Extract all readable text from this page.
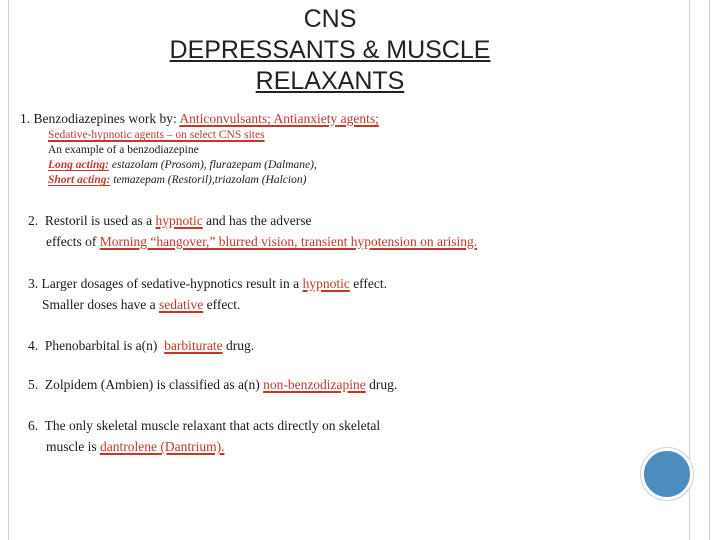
CNS
DEPRESSANTS & MUSCLE
RELAXANTS
1. Benzodiazepines work by: Anticonvulsants; Antianxiety agents;
Sedative-hypnotic agents – on select CNS sites
An example of a benzodiazepine
Long acting: estazolam (Prosom), flurazepam (Dalmane),
Short acting: temazepam (Restoril),triazolam (Halcion)
2. Restoril is used as a hypnotic and has the adverse
effects of Morning “hangover,” blurred vision, transient hypotension on arising.
3. Larger dosages of sedative-hypnotics result in a hypnotic effect.
Smaller doses have a sedative effect.
4. Phenobarbital is a(n)  barbiturate drug.
5. Zolpidem (Ambien) is classified as a(n) non-benzodizapine drug.
6. The only skeletal muscle relaxant that acts directly on skeletal
muscle is dantrolene (Dantrium).
